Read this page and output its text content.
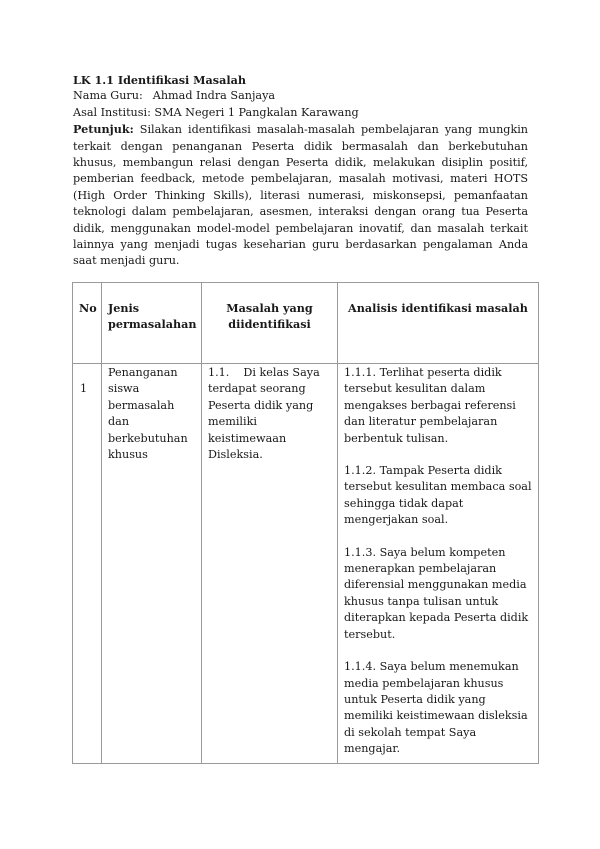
LK 1.1 Identifikasi Masalah
Nama Guru: Ahmad Indra Sanjaya
Asal Institusi: SMA Negeri 1 Pangkalan Karawang

Petunjuk: Silakan identifikasi masalah-masalah pembelajaran yang mungkin terkait dengan penanganan Peserta didik bermasalah dan berkebutuhan khusus, membangun relasi dengan Peserta didik, melakukan disiplin positif, pemberian feedback, metode pembelajaran, masalah motivasi, materi HOTS (High Order Thinking Skills), literasi numerasi, miskonsepsi, pemanfaatan teknologi dalam pembelajaran, asesmen, interaksi dengan orang tua Peserta didik, menggunakan model-model pembelajaran inovatif, dan masalah terkait lainnya yang menjadi tugas keseharian guru berdasarkan pengalaman Anda saat menjadi guru.

No	Jenis permasalahan	Masalah yang diidentifikasi	Analisis identifikasi masalah
1	Penanganan siswa bermasalah dan berkebutuhan khusus	1.1. Di kelas Saya terdapat seorang Peserta didik yang memiliki keistimewaan Disleksia.	1.1.1. Terlihat peserta didik tersebut kesulitan dalam mengakses berbagai referensi dan literatur pembelajaran berbentuk tulisan.
1.1.2. Tampak Peserta didik tersebut kesulitan membaca soal sehingga tidak dapat mengerjakan soal.
1.1.3. Saya belum kompeten menerapkan pembelajaran diferensial menggunakan media khusus tanpa tulisan untuk diterapkan kepada Peserta didik tersebut.
1.1.4. Saya belum menemukan media pembelajaran khusus untuk Peserta didik yang memiliki keistimewaan disleksia di sekolah tempat Saya mengajar.
